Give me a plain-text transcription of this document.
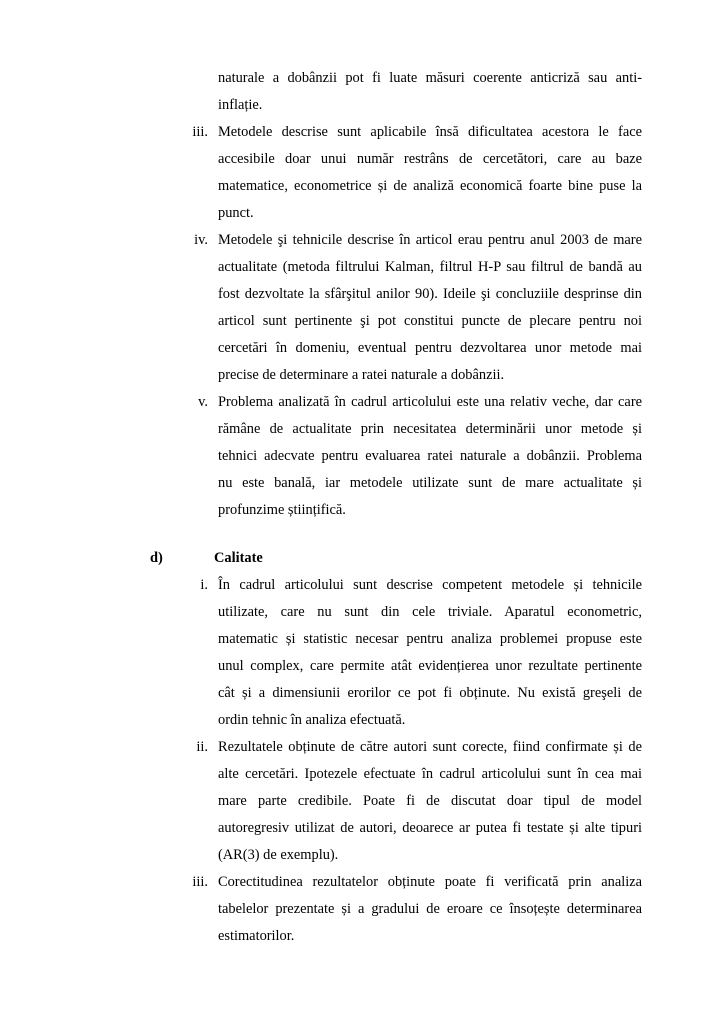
naturale a dobânzii pot fi luate măsuri coerente anticriză sau anti-
inflație.
iii. Metodele descrise sunt aplicabile însă dificultatea acestora le face
accesibile doar unui număr restrâns de cercetători, care au baze
matematice, econometrice și de analiză economică foarte bine puse la
punct.
iv. Metodele şi tehnicile descrise în articol erau pentru anul 2003 de mare
actualitate (metoda filtrului Kalman, filtrul H-P sau filtrul de bandă au
fost dezvoltate la sfârşitul anilor 90). Ideile şi concluziile desprinse din
articol sunt pertinente şi pot constitui puncte de plecare pentru noi
cercetări în domeniu, eventual pentru dezvoltarea unor metode mai
precise de determinare a ratei naturale a dobânzii.
v. Problema analizată în cadrul articolului este una relativ veche, dar care
rămâne de actualitate prin necesitatea determinării unor metode și
tehnici adecvate pentru evaluarea ratei naturale a dobânzii. Problema
nu este banală, iar metodele utilizate sunt de mare actualitate și
profunzime științifică.
d)	Calitate
i. În cadrul articolului sunt descrise competent metodele și tehnicile
utilizate, care nu sunt din cele triviale. Aparatul econometric,
matematic și statistic necesar pentru analiza problemei propuse este
unul complex, care permite atât evidențierea unor rezultate pertinente
cât și a dimensiunii erorilor ce pot fi obținute. Nu există greşeli de
ordin tehnic în analiza efectuată.
ii. Rezultatele obținute de către autori sunt corecte, fiind confirmate și de
alte cercetări. Ipotezele efectuate în cadrul articolului sunt în cea mai
mare parte credibile. Poate fi de discutat doar tipul de model
autoregresiv utilizat de autori, deoarece ar putea fi testate și alte tipuri
(AR(3) de exemplu).
iii. Corectitudinea rezultatelor obținute poate fi verificată prin analiza
tabelelor prezentate și a gradului de eroare ce însoțește determinarea
estimatorilor.
